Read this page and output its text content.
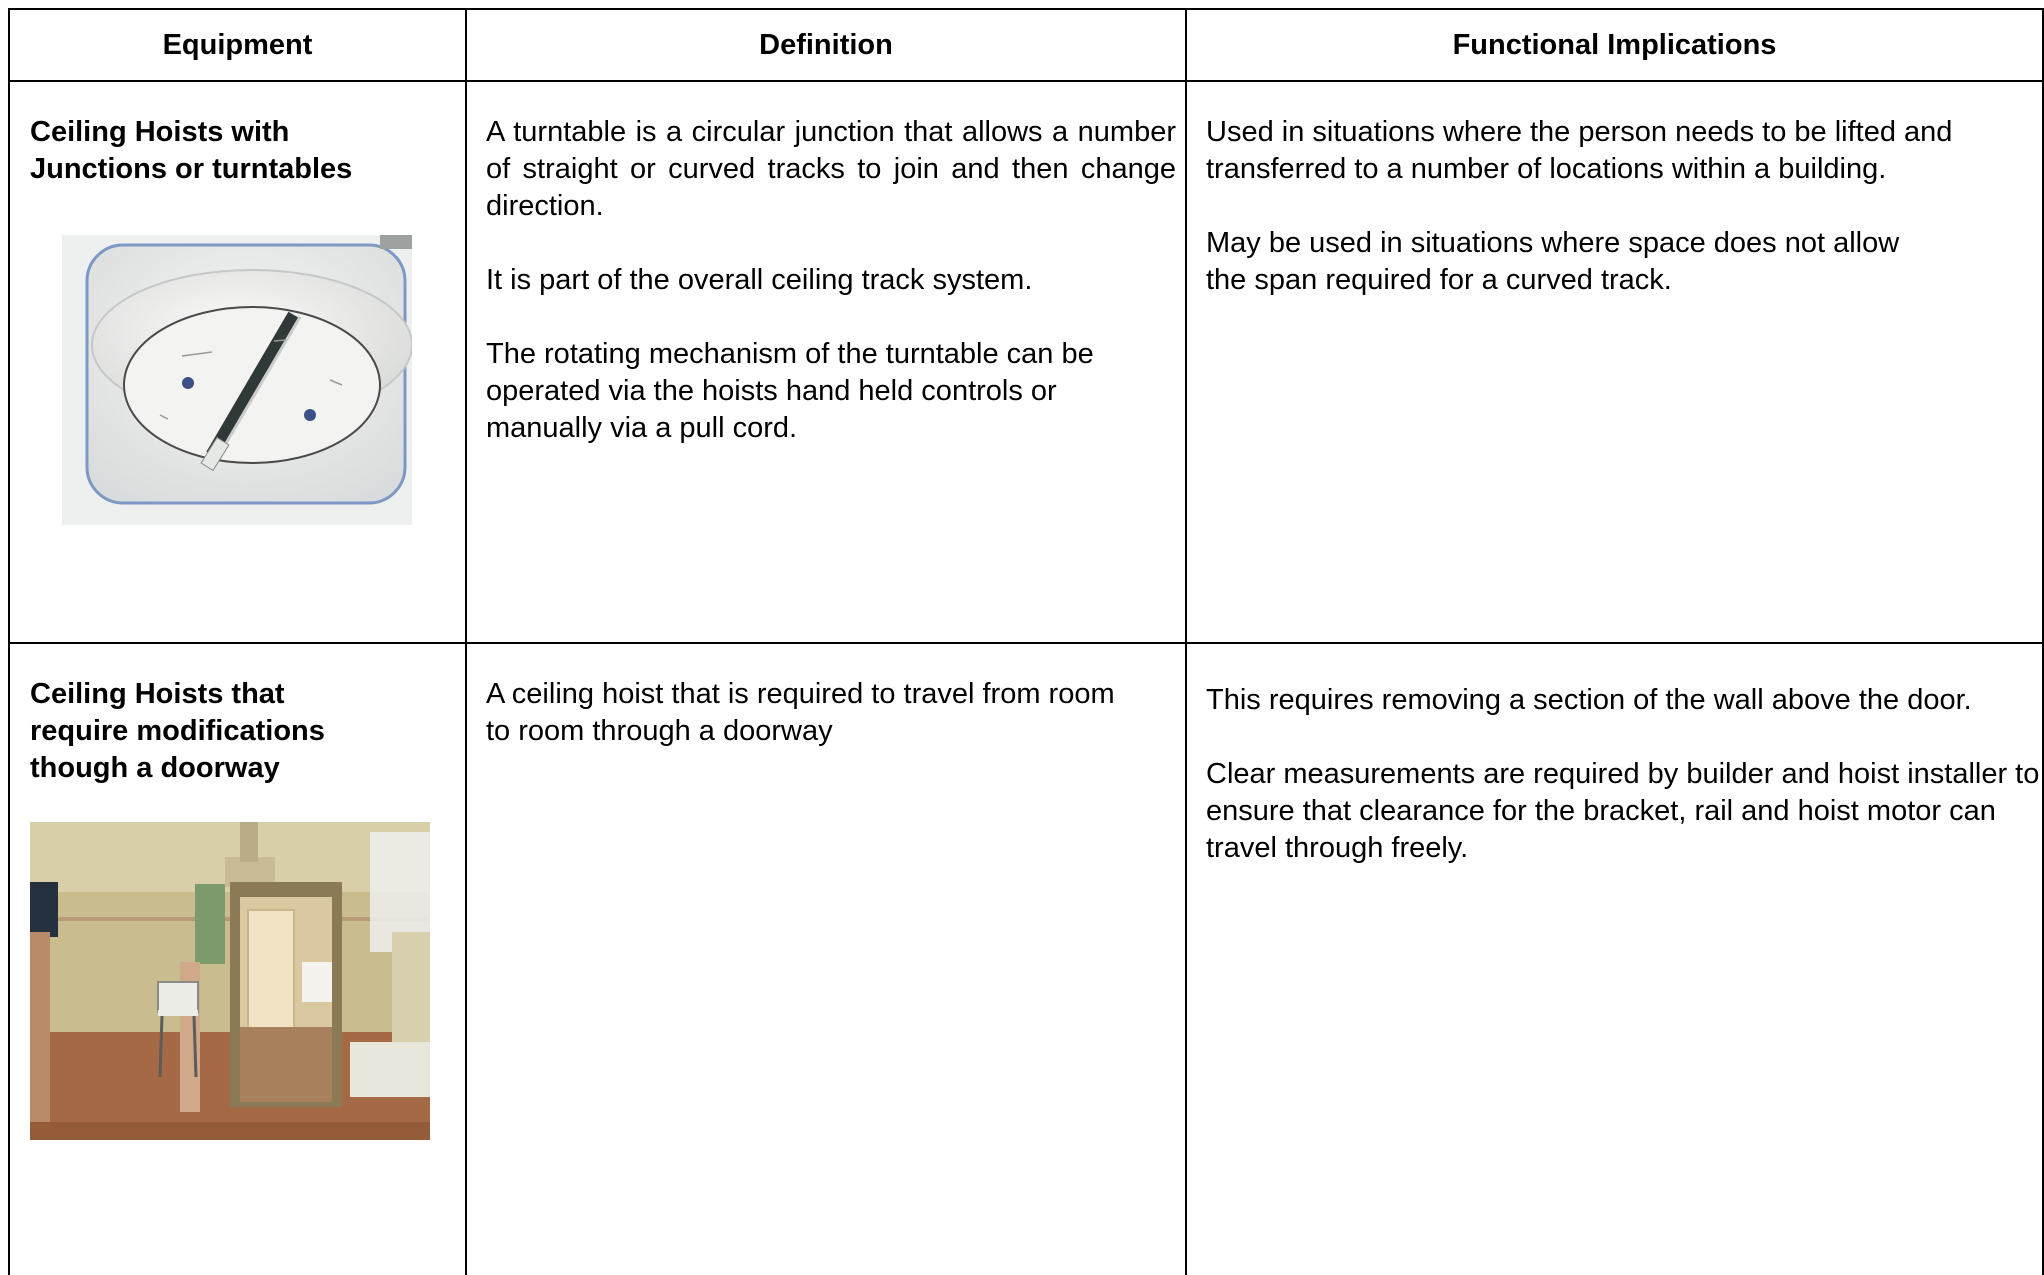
Equipment	Definition	Functional Implications
Ceiling Hoists with
Junctions or turntables
A turntable is a circular junction that allows a number of straight or curved tracks to join and then change direction.
It is part of the overall ceiling track system.
The rotating mechanism of the turntable can be operated via the hoists hand held controls or manually via a pull cord.
Used in situations where the person needs to be lifted and transferred to a number of locations within a building.
May be used in situations where space does not allow the span required for a curved track.
Ceiling Hoists that
require modifications
though a doorway
A ceiling hoist that is required to travel from room to room through a doorway
This requires removing a section of the wall above the door.
Clear measurements are required by builder and hoist installer to ensure that clearance for the bracket, rail and hoist motor can travel through freely.
